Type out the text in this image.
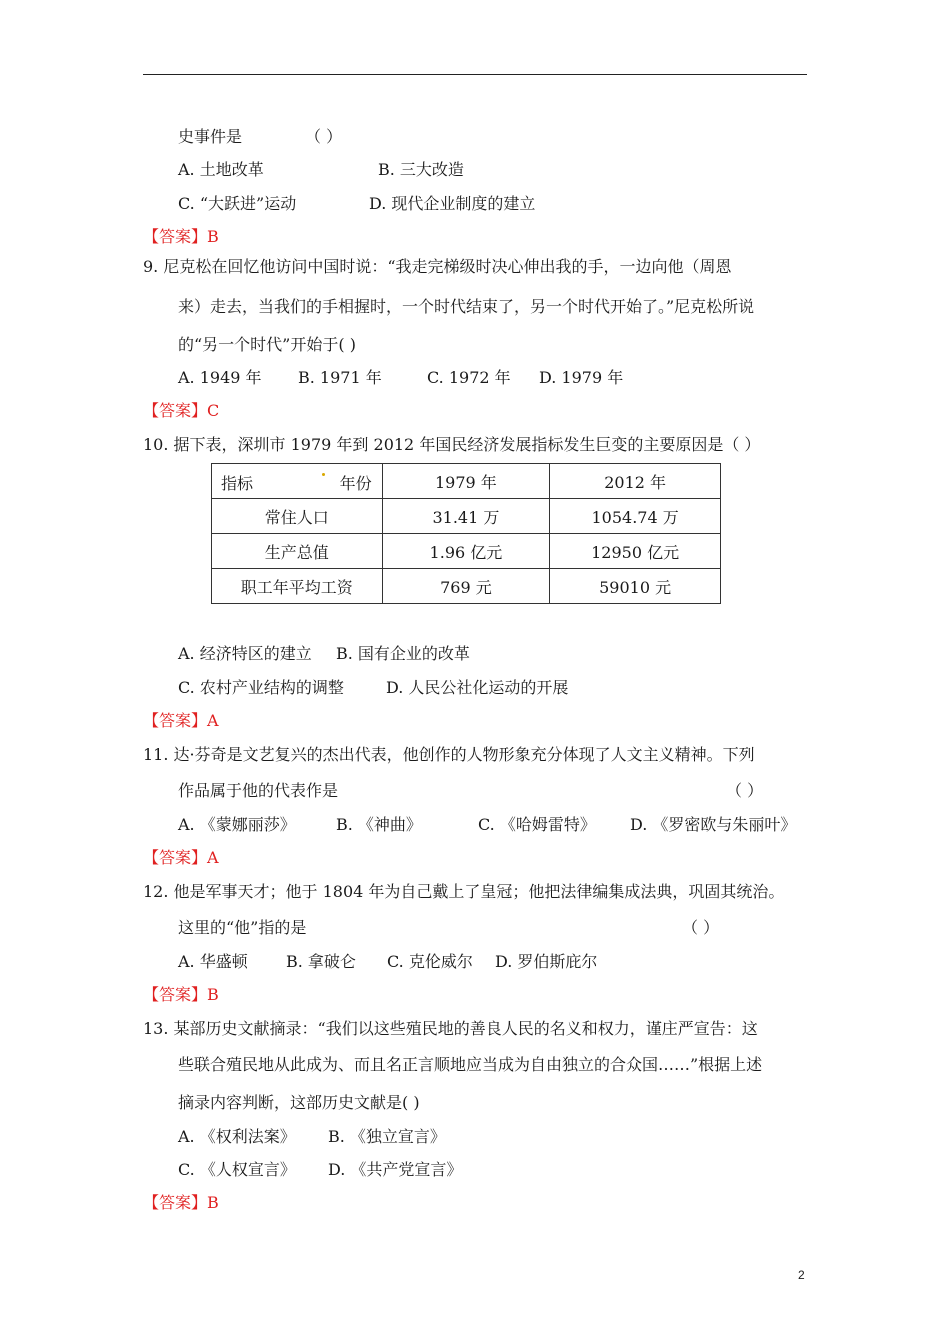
史事件是	（ ）
A. 土地改革	B. 三大改造
C. “大跃进”运动	D. 现代企业制度的建立
【答案】B
9. 尼克松在回忆他访问中国时说：“我走完梯级时决心伸出我的手，一边向他（周恩
来）走去，当我们的手相握时，一个时代结束了，另一个时代开始了。”尼克松所说
的“另一个时代”开始于( )
A. 1949 年 B. 1971 年	C. 1972 年 D. 1979 年
【答案】C
10. 据下表，深圳市 1979 年到 2012 年国民经济发展指标发生巨变的主要原因是（ ）
指标 年份	1979 年	2012 年
常住人口	31.41 万	1054.74 万
生产总值	1.96 亿元	12950 亿元
职工年平均工资	769 元	59010 元
A. 经济特区的建立 B. 国有企业的改革
C. 农村产业结构的调整	D. 人民公社化运动的开展
【答案】A
11. 达·芬奇是文艺复兴的杰出代表，他创作的人物形象充分体现了人文主义精神。下列
作品属于他的代表作是	（ ）
A. 《蒙娜丽莎》	B. 《神曲》	C. 《哈姆雷特》 D. 《罗密欧与朱丽叶》
【答案】A
12. 他是军事天才；他于 1804 年为自己戴上了皇冠；他把法律编集成法典，巩固其统治。
这里的“他”指的是	（ ）
A. 华盛顿 B. 拿破仑 C. 克伦威尔 D. 罗伯斯庇尔
【答案】B
13. 某部历史文献摘录：“我们以这些殖民地的善良人民的名义和权力，谨庄严宣告：这
些联合殖民地从此成为、而且名正言顺地应当成为自由独立的合众国……”根据上述
摘录内容判断，这部历史文献是( )
A. 《权利法案》 B. 《独立宣言》
C. 《人权宣言》 D. 《共产党宣言》
【答案】B
2
